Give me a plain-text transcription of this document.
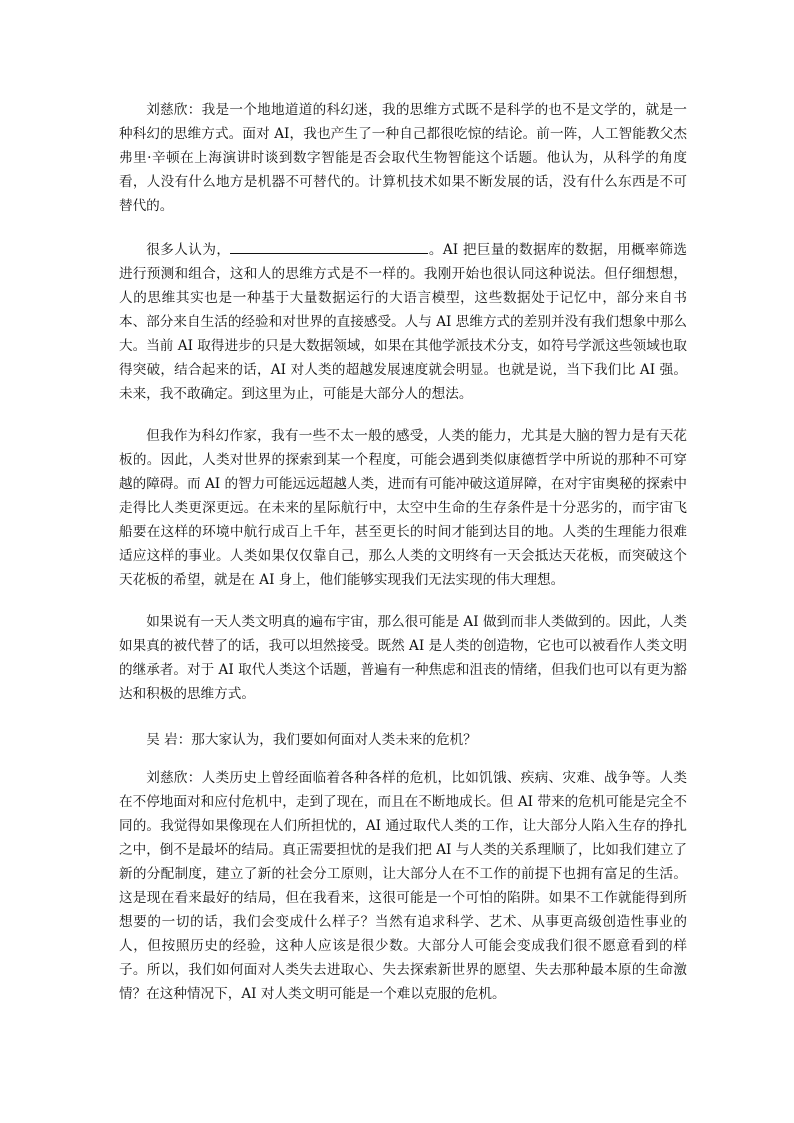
刘慈欣：我是一个地地道道的科幻迷，我的思维方式既不是科学的也不是文学的，就是一种科幻的思维方式。面对 AI，我也产生了一种自己都很吃惊的结论。前一阵，人工智能教父杰弗里·辛顿在上海演讲时谈到数字智能是否会取代生物智能这个话题。他认为，从科学的角度看，人没有什么地方是机器不可替代的。计算机技术如果不断发展的话，没有什么东西是不可替代的。

很多人认为，	。AI 把巨量的数据库的数据，用概率筛选进行预测和组合，这和人的思维方式是不一样的。我刚开始也很认同这种说法。但仔细想想，人的思维其实也是一种基于大量数据运行的大语言模型，这些数据处于记忆中，部分来自书本、部分来自生活的经验和对世界的直接感受。人与 AI 思维方式的差别并没有我们想象中那么大。当前 AI 取得进步的只是大数据领域，如果在其他学派技术分支，如符号学派这些领域也取得突破，结合起来的话，AI 对人类的超越发展速度就会明显。也就是说，当下我们比 AI 强。未来，我不敢确定。到这里为止，可能是大部分人的想法。

但我作为科幻作家，我有一些不太一般的感受，人类的能力，尤其是大脑的智力是有天花板的。因此，人类对世界的探索到某一个程度，可能会遇到类似康德哲学中所说的那种不可穿越的障碍。而 AI 的智力可能远远超越人类，进而有可能冲破这道屏障，在对宇宙奥秘的探索中走得比人类更深更远。在未来的星际航行中，太空中生命的生存条件是十分恶劣的，而宇宙飞船要在这样的环境中航行成百上千年，甚至更长的时间才能到达目的地。人类的生理能力很难适应这样的事业。人类如果仅仅靠自己，那么人类的文明终有一天会抵达天花板，而突破这个天花板的希望，就是在 AI 身上，他们能够实现我们无法实现的伟大理想。

如果说有一天人类文明真的遍布宇宙，那么很可能是 AI 做到而非人类做到的。因此，人类如果真的被代替了的话，我可以坦然接受。既然 AI 是人类的创造物，它也可以被看作人类文明的继承者。对于 AI 取代人类这个话题，普遍有一种焦虑和沮丧的情绪，但我们也可以有更为豁达和积极的思维方式。

吴 岩：那大家认为，我们要如何面对人类未来的危机？

刘慈欣：人类历史上曾经面临着各种各样的危机，比如饥饿、疾病、灾难、战争等。人类在不停地面对和应付危机中，走到了现在，而且在不断地成长。但 AI 带来的危机可能是完全不同的。我觉得如果像现在人们所担忧的，AI 通过取代人类的工作，让大部分人陷入生存的挣扎之中，倒不是最坏的结局。真正需要担忧的是我们把 AI 与人类的关系理顺了，比如我们建立了新的分配制度，建立了新的社会分工原则，让大部分人在不工作的前提下也拥有富足的生活。这是现在看来最好的结局，但在我看来，这很可能是一个可怕的陷阱。如果不工作就能得到所想要的一切的话，我们会变成什么样子？当然有追求科学、艺术、从事更高级创造性事业的人，但按照历史的经验，这种人应该是很少数。大部分人可能会变成我们很不愿意看到的样子。所以，我们如何面对人类失去进取心、失去探索新世界的愿望、失去那种最本原的生命激情？在这种情况下，AI 对人类文明可能是一个难以克服的危机。
